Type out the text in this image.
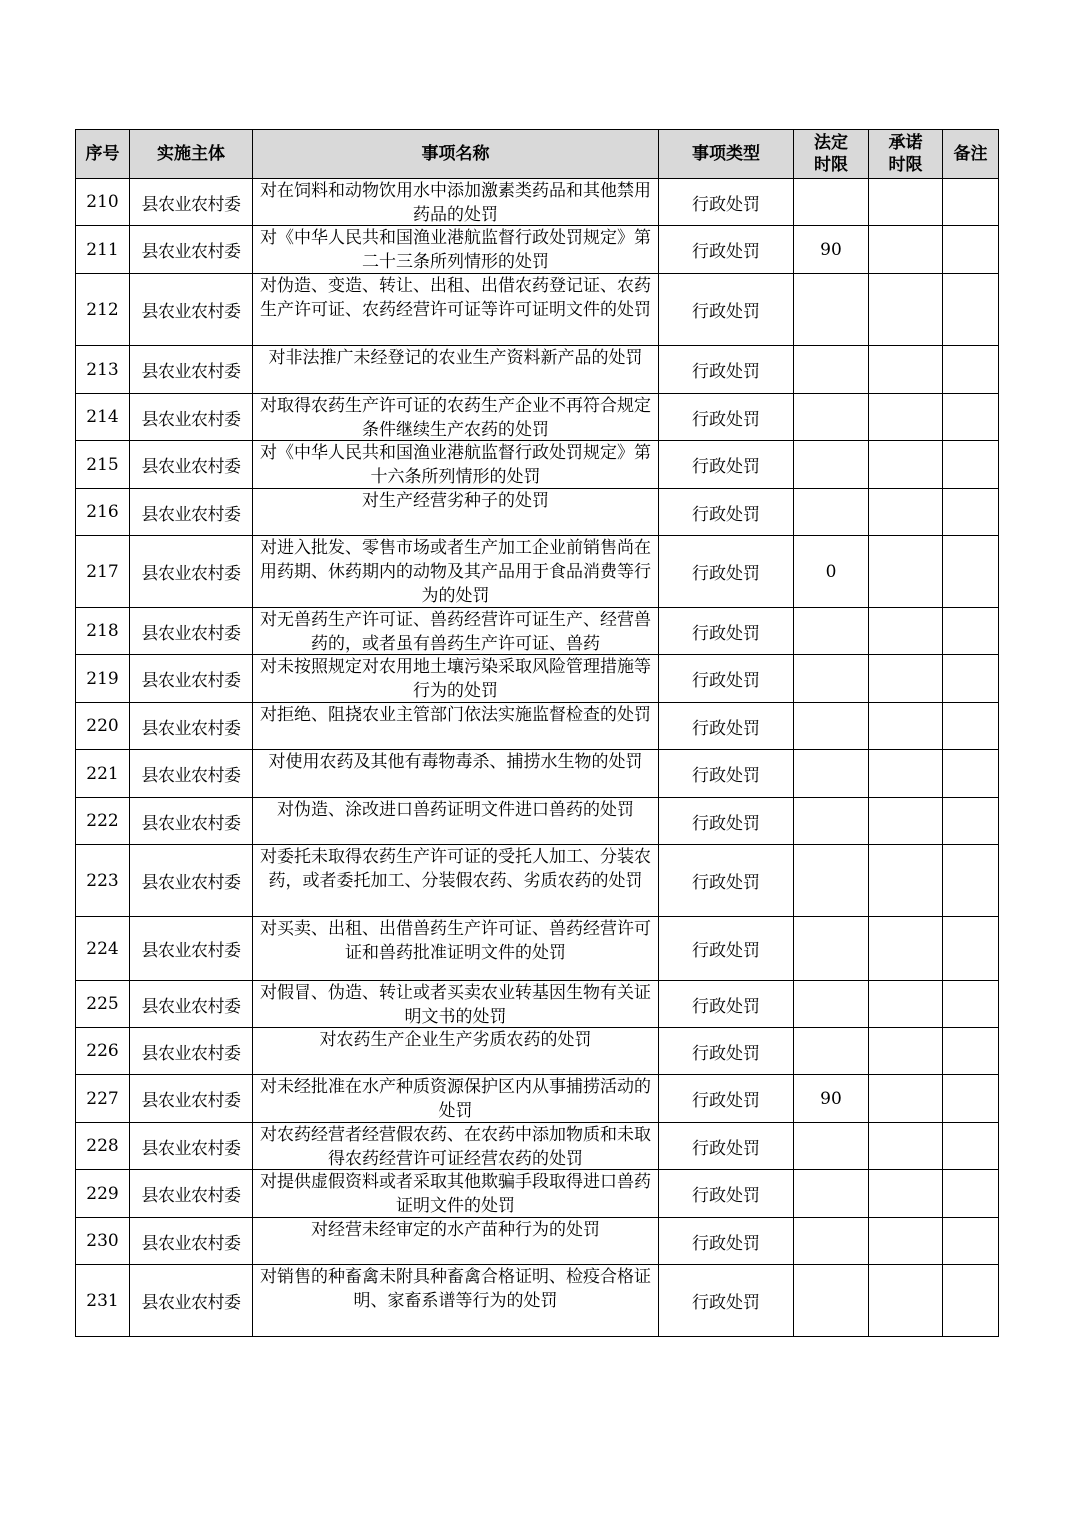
序号	实施主体	事项名称	事项类型	法定时限	承诺时限	备注
210	县农业农村委	对在饲料和动物饮用水中添加激素类药品和其他禁用药品的处罚	行政处罚			
211	县农业农村委	对《中华人民共和国渔业港航监督行政处罚规定》第二十三条所列情形的处罚	行政处罚	90		
212	县农业农村委	对伪造、变造、转让、出租、出借农药登记证、农药生产许可证、农药经营许可证等许可证明文件的处罚	行政处罚			
213	县农业农村委	对非法推广未经登记的农业生产资料新产品的处罚	行政处罚			
214	县农业农村委	对取得农药生产许可证的农药生产企业不再符合规定条件继续生产农药的处罚	行政处罚			
215	县农业农村委	对《中华人民共和国渔业港航监督行政处罚规定》第十六条所列情形的处罚	行政处罚			
216	县农业农村委	对生产经营劣种子的处罚	行政处罚			
217	县农业农村委	对进入批发、零售市场或者生产加工企业前销售尚在用药期、休药期内的动物及其产品用于食品消费等行为的处罚	行政处罚	0		
218	县农业农村委	对无兽药生产许可证、兽药经营许可证生产、经营兽药的，或者虽有兽药生产许可证、兽药	行政处罚			
219	县农业农村委	对未按照规定对农用地土壤污染采取风险管理措施等行为的处罚	行政处罚			
220	县农业农村委	对拒绝、阻挠农业主管部门依法实施监督检查的处罚	行政处罚			
221	县农业农村委	对使用农药及其他有毒物毒杀、捕捞水生物的处罚	行政处罚			
222	县农业农村委	对伪造、涂改进口兽药证明文件进口兽药的处罚	行政处罚			
223	县农业农村委	对委托未取得农药生产许可证的受托人加工、分装农药，或者委托加工、分装假农药、劣质农药的处罚	行政处罚			
224	县农业农村委	对买卖、出租、出借兽药生产许可证、兽药经营许可证和兽药批准证明文件的处罚	行政处罚			
225	县农业农村委	对假冒、伪造、转让或者买卖农业转基因生物有关证明文书的处罚	行政处罚			
226	县农业农村委	对农药生产企业生产劣质农药的处罚	行政处罚			
227	县农业农村委	对未经批准在水产种质资源保护区内从事捕捞活动的处罚	行政处罚	90		
228	县农业农村委	对农药经营者经营假农药、在农药中添加物质和未取得农药经营许可证经营农药的处罚	行政处罚			
229	县农业农村委	对提供虚假资料或者采取其他欺骗手段取得进口兽药证明文件的处罚	行政处罚			
230	县农业农村委	对经营未经审定的水产苗种行为的处罚	行政处罚			
231	县农业农村委	对销售的种畜禽未附具种畜禽合格证明、检疫合格证明、家畜系谱等行为的处罚	行政处罚			
